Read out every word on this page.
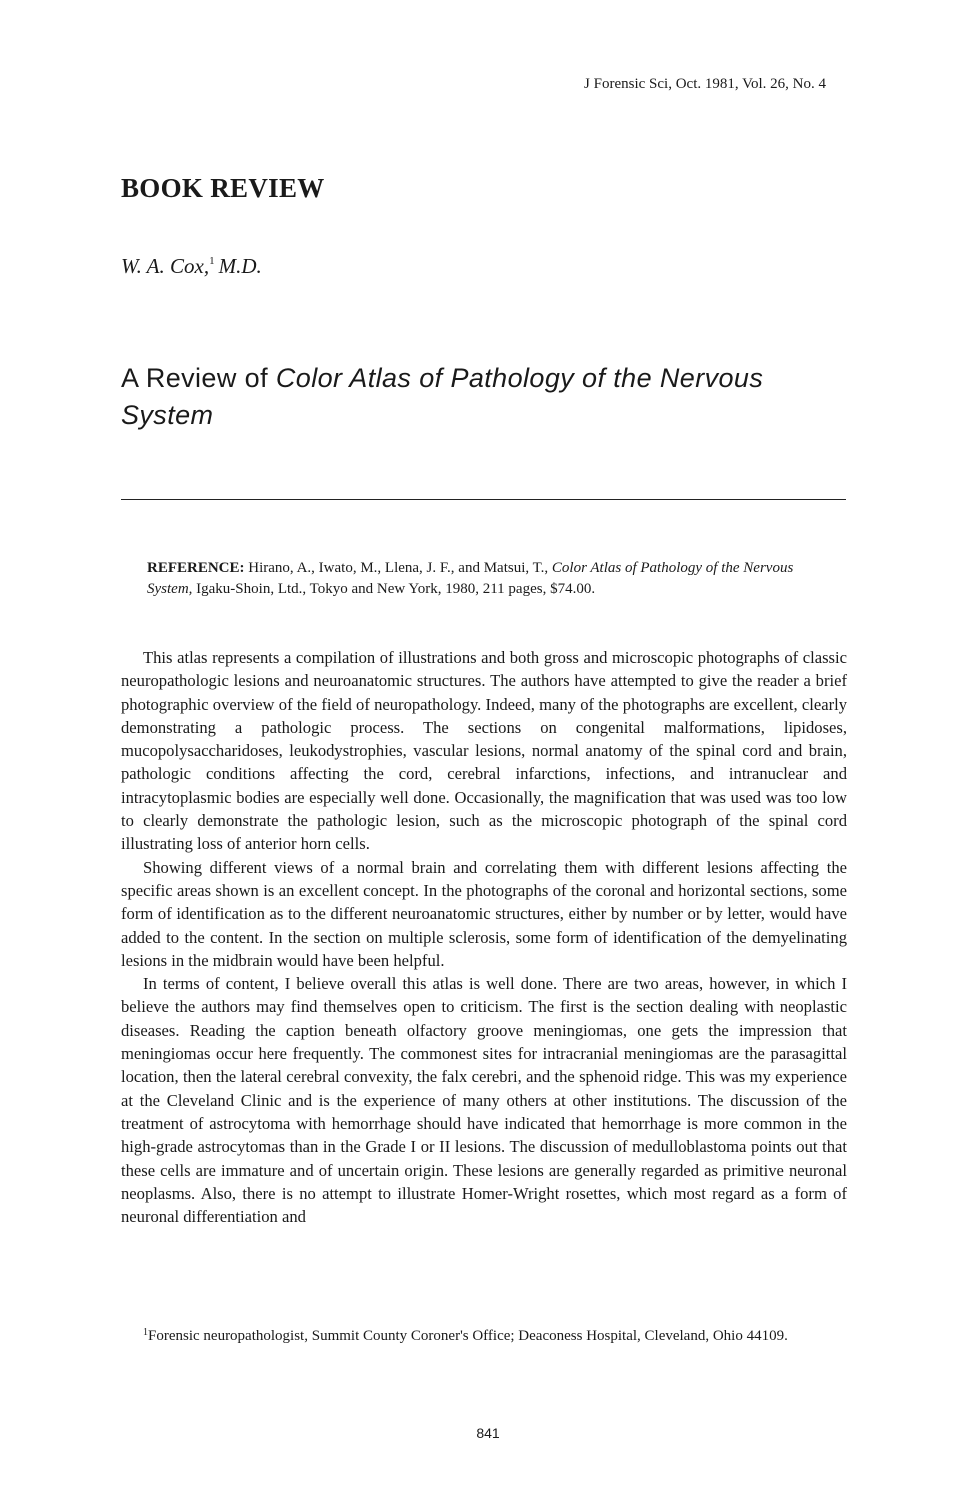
J Forensic Sci, Oct. 1981, Vol. 26, No. 4
BOOK REVIEW
W. A. Cox,$^1$ M.D.
A Review of Color Atlas of Pathology of the Nervous System
REFERENCE: Hirano, A., Iwato, M., Llena, J. F., and Matsui, T., Color Atlas of Pathology of the Nervous System, Igaku-Shoin, Ltd., Tokyo and New York, 1980, 211 pages, $74.00.

This atlas represents a compilation of illustrations and both gross and microscopic photographs of classic neuropathologic lesions and neuroanatomic structures. The authors have attempted to give the reader a brief photographic overview of the field of neuropathology. Indeed, many of the photographs are excellent, clearly demonstrating a pathologic process. The sections on congenital malformations, lipidoses, mucopolysaccharidoses, leukodystrophies, vascular lesions, normal anatomy of the spinal cord and brain, pathologic conditions affecting the cord, cerebral infarctions, infections, and intranuclear and intracytoplasmic bodies are especially well done. Occasionally, the magnification that was used was too low to clearly demonstrate the pathologic lesion, such as the microscopic photograph of the spinal cord illustrating loss of anterior horn cells.

Showing different views of a normal brain and correlating them with different lesions affecting the specific areas shown is an excellent concept. In the photographs of the coronal and horizontal sections, some form of identification as to the different neuroanatomic structures, either by number or by letter, would have added to the content. In the section on multiple sclerosis, some form of identification of the demyelinating lesions in the midbrain would have been helpful.

In terms of content, I believe overall this atlas is well done. There are two areas, however, in which I believe the authors may find themselves open to criticism. The first is the section dealing with neoplastic diseases. Reading the caption beneath olfactory groove meningiomas, one gets the impression that meningiomas occur here frequently. The commonest sites for intracranial meningiomas are the parasagittal location, then the lateral cerebral convexity, the falx cerebri, and the sphenoid ridge. This was my experience at the Cleveland Clinic and is the experience of many others at other institutions. The discussion of the treatment of astrocytoma with hemorrhage should have indicated that hemorrhage is more common in the high-grade astrocytomas than in the Grade I or II lesions. The discussion of medulloblastoma points out that these cells are immature and of uncertain origin. These lesions are generally regarded as primitive neuronal neoplasms. Also, there is no attempt to illustrate Homer-Wright rosettes, which most regard as a form of neuronal differentiation and

$^1$Forensic neuropathologist, Summit County Coroner's Office; Deaconess Hospital, Cleveland, Ohio 44109.
841
